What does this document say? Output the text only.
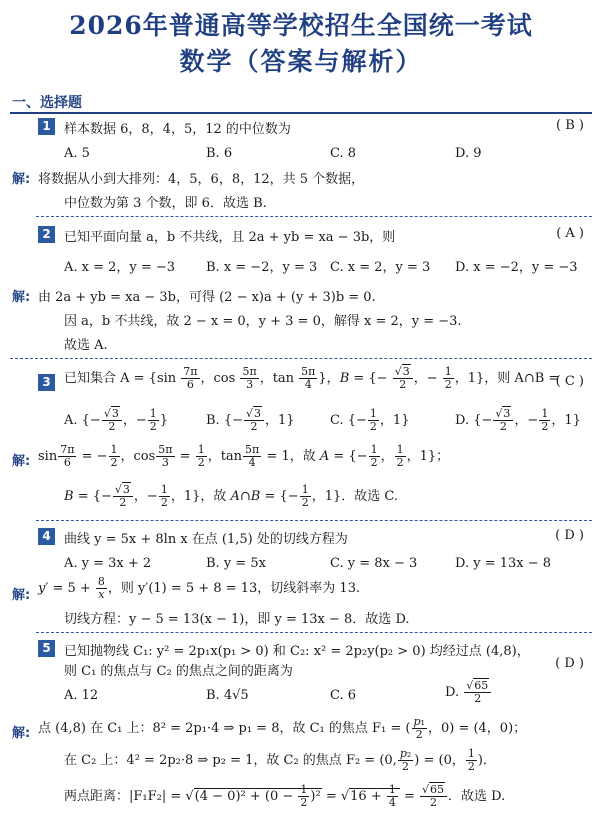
2026年普通高等学校招生全国统一考试
数学（答案与解析）
一、选择题
1	样本数据 6，8，4，5，12 的中位数为	( B )
A. 5	B. 6	C. 8	D. 9
解: 将数据从小到大排列：4，5，6，8，12，共 5 个数据，
中位数为第 3 个数，即 6．故选 B.
2	已知平面向量 a，b 不共线，且 2a + yb = xa − 3b，则	( A )
A. x = 2，y = −3 B. x = −2，y = 3 C. x = 2，y = 3 D. x = −2，y = −3
解: 由 2a + yb = xa − 3b，可得 (2 − x)a + (y + 3)b = 0.
因 a，b 不共线，故 2 − x = 0，y + 3 = 0，解得 x = 2，y = −3.
故选 A.
3	已知集合 $A = \{\sin \frac{7\pi}{6}$ ，$\cos \frac{5\pi}{3}$ ，$\tan \frac{5\pi}{4}$ }，B = {− $\frac{√3}{2}$ ，− $\frac{1}{2}$ ，1}，则 A∩B =
( C )
A. {− $\frac{√3}{2}$ ，− $\frac{1}{2}$ }	B. {− $\frac{√3}{2}$ ，1}	C. {− $\frac{1}{2}$ ，1}	D. {− $\frac{√3}{2}$ ，− $\frac{1}{2}$ ，1}
解: $\sin \frac{7\pi}{6}$ = − $\frac{1}{2}$ ，$\cos \frac{5\pi}{3} = \frac{1}{2}$ ，$\tan \frac{5\pi}{4} = 1$，故 A = {− $\frac{1}{2}$ ， $\frac{1}{2}$ ，1}；
B = {− $\frac{√3}{2}$ ，− $\frac{1}{2}$ ，1}，故 A∩B = {− $\frac{1}{2}$ ，1}．故选 C.
4	曲线 y = 5x + 8ln x 在点 (1,5) 处的切线方程为	( D )
A. y = 3x + 2	B. y = 5x	C. y = 8x − 3	D. y = 13x − 8
解: $y' = 5 + \frac{8}{x}$ ，则 y′(1) = 5 + 8 = 13，切线斜率为 13.
切线方程：y − 5 = 13(x − 1)，即 y = 13x − 8．故选 D.
5	已知抛物线 C₁: y² = 2p₁x(p₁ > 0) 和 C₂: x² = 2p₂y(p₂ > 0) 均经过点 (4,8)，
则 C₁ 的焦点与 C₂ 的焦点之间的距离为
( D )
A. 12	B. 4√5	C. 6	D. $\frac{√65}{2}$
解: 点 (4,8) 在 C₁ 上：8² = 2p₁·4 ⇒ p₁ = 8，故 C₁ 的焦点 F₁ = ( $\frac{\text{p₁}}{2}$ ，0) = (4，0)；
在 C₂ 上：4² = 2p₂·8 ⇒ p₂ = 1，故 C₂ 的焦点 F₂ = (0, $\frac{\text{p₂}}{2}$ ) = (0， $\frac{1}{2}$ )．
两点距离：$|F_1F_2| = √(4 - 0)^2 + (0 - \frac{1}{2} )^2 = √16 + \frac{1}{4} = \frac{√65}{2}$ ．故选 D.
